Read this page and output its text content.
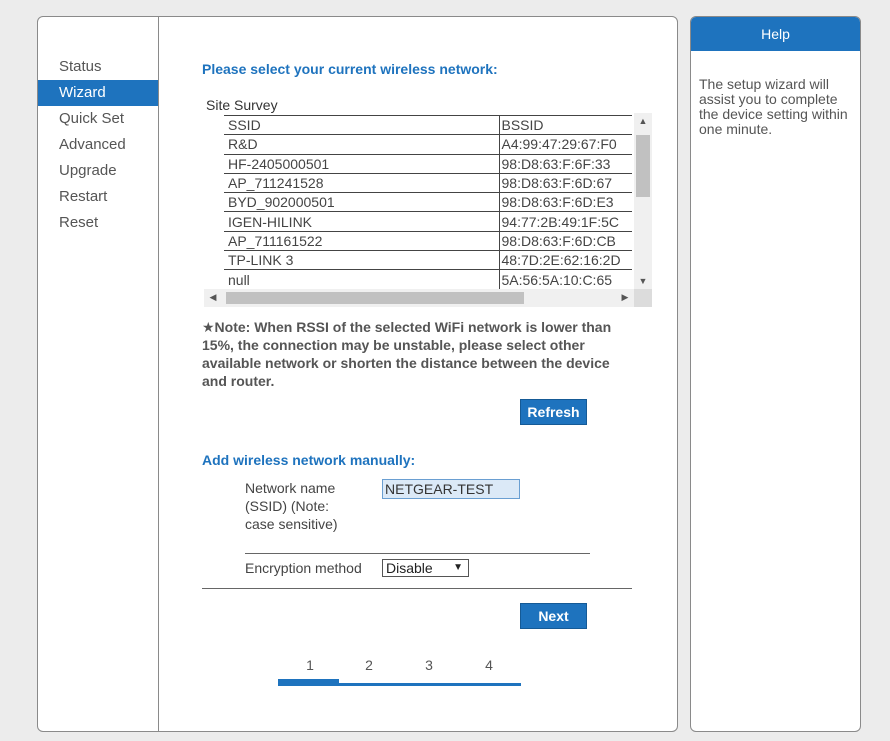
Status
Wizard
Quick Set
Advanced
Upgrade
Restart
Reset
Please select your current wireless network:
Site Survey
SSID	BSSID
R&D	A4:99:47:29:67:F0
HF-2405000501	98:D8:63:F:6F:33
AP_711241528	98:D8:63:F:6D:67
BYD_902000501	98:D8:63:F:6D:E3
IGEN-HILINK	94:77:2B:49:1F:5C
AP_711161522	98:D8:63:F:6D:CB
TP-LINK 3	48:7D:2E:62:16:2D
null	5A:56:5A:10:C:65
▲
▼
◀	▶
★Note: When RSSI of the selected WiFi network is lower than 15%, the connection may be unstable, please select other available network or shorten the distance between the device and router.
Refresh
Add wireless network manually:
Network name (SSID) (Note: case sensitive)
NETGEAR-TEST
Encryption method Disable ▼
Next
1	2	3	4
Help
The setup wizard will assist you to complete the device setting within one minute.
